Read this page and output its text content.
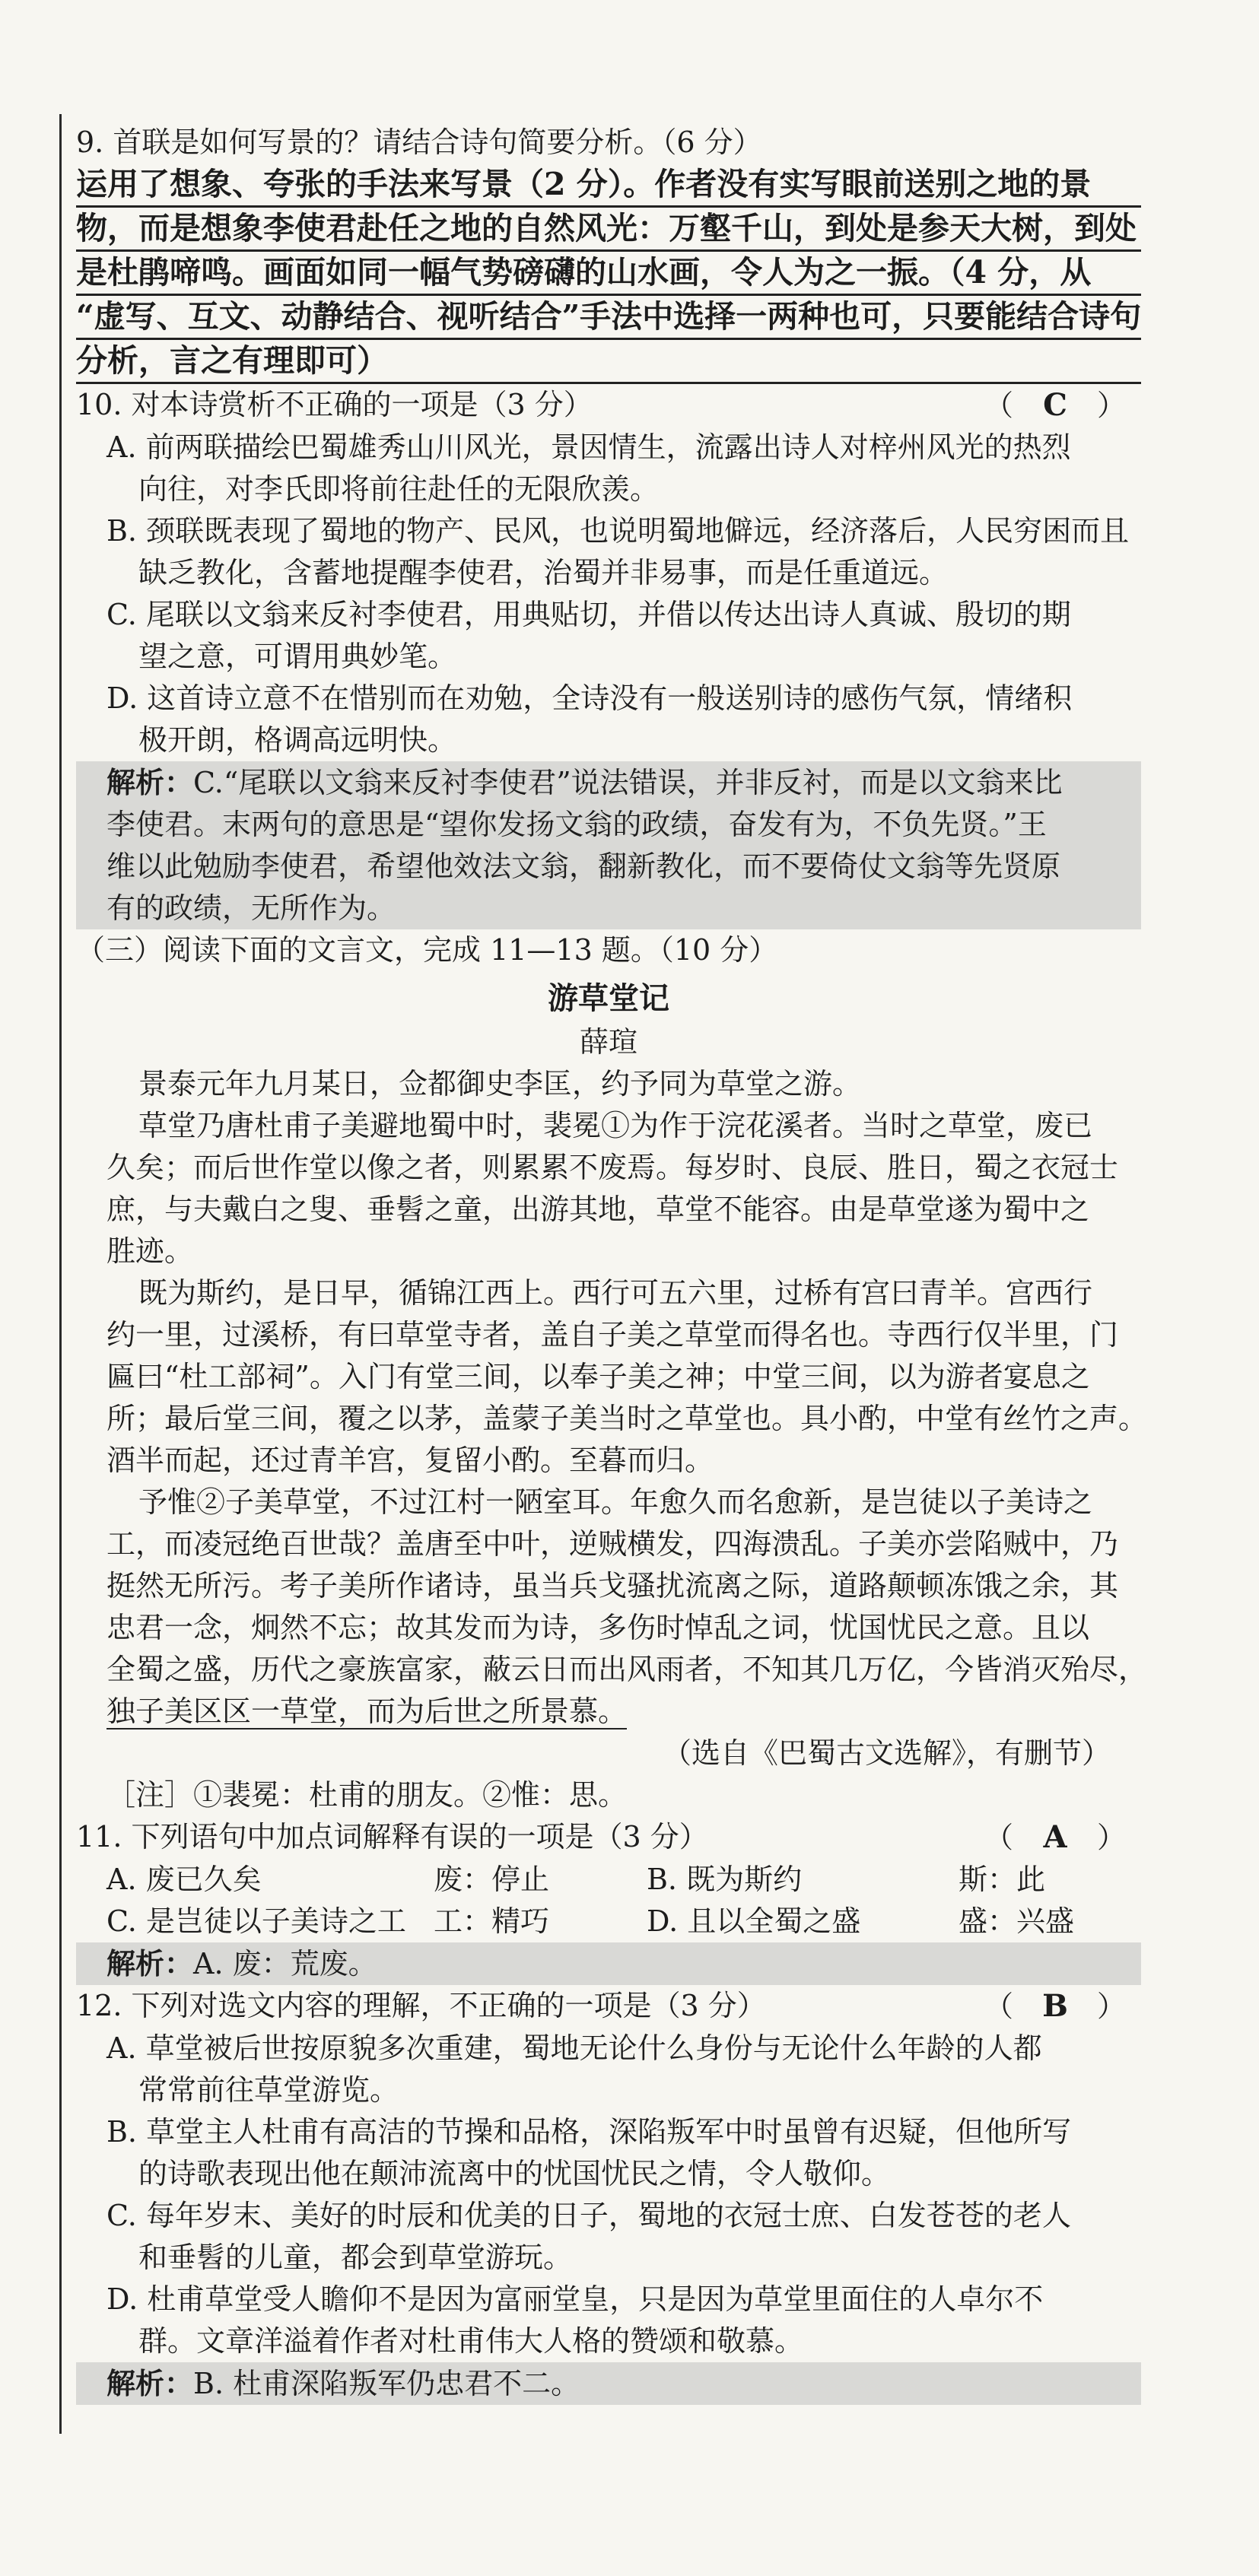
9. 首联是如何写景的？请结合诗句简要分析。（6 分）
运用了想象、夸张的手法来写景（2 分）。作者没有实写眼前送别之地的景
物，而是想象李使君赴任之地的自然风光：万壑千山，到处是参天大树，到处
是杜鹃啼鸣。画面如同一幅气势磅礴的山水画，令人为之一振。（4 分，从
“虚写、互文、动静结合、视听结合”手法中选择一两种也可，只要能结合诗句
分析，言之有理即可）
10. 对本诗赏析不正确的一项是（3 分）	（ C ）
A. 前两联描绘巴蜀雄秀山川风光，景因情生，流露出诗人对梓州风光的热烈
向往，对李氏即将前往赴任的无限欣羡。
B. 颈联既表现了蜀地的物产、民风，也说明蜀地僻远，经济落后，人民穷困而且
缺乏教化，含蓄地提醒李使君，治蜀并非易事，而是任重道远。
C. 尾联以文翁来反衬李使君，用典贴切，并借以传达出诗人真诚、殷切的期
望之意，可谓用典妙笔。
D. 这首诗立意不在惜别而在劝勉，全诗没有一般送别诗的感伤气氛，情绪积
极开朗，格调高远明快。
解析：C.“尾联以文翁来反衬李使君”说法错误，并非反衬，而是以文翁来比
李使君。末两句的意思是“望你发扬文翁的政绩，奋发有为，不负先贤。”王
维以此勉励李使君，希望他效法文翁，翻新教化，而不要倚仗文翁等先贤原
有的政绩，无所作为。
（三）阅读下面的文言文，完成 11—13 题。（10 分）
游草堂记
薛瑄
景泰元年九月某日，佥都御史李匡，约予同为草堂之游。
草堂乃唐杜甫子美避地蜀中时，裴冕①为作于浣花溪者。当时之草堂，废已
久矣；而后世作堂以像之者，则累累不废焉。每岁时、良辰、胜日，蜀之衣冠士
庶，与夫戴白之叟、垂髫之童，出游其地，草堂不能容。由是草堂遂为蜀中之
胜迹。
既为斯约，是日早，循锦江西上。西行可五六里，过桥有宫曰青羊。宫西行
约一里，过溪桥，有曰草堂寺者，盖自子美之草堂而得名也。寺西行仅半里，门
匾曰“杜工部祠”。入门有堂三间，以奉子美之神；中堂三间，以为游者宴息之
所；最后堂三间，覆之以茅，盖蒙子美当时之草堂也。具小酌，中堂有丝竹之声。
酒半而起，还过青羊宫，复留小酌。至暮而归。
予惟②子美草堂，不过江村一陋室耳。年愈久而名愈新，是岂徒以子美诗之
工，而凌冠绝百世哉？盖唐至中叶，逆贼横发，四海溃乱。子美亦尝陷贼中，乃
挺然无所污。考子美所作诸诗，虽当兵戈骚扰流离之际，道路颠顿冻饿之余，其
忠君一念，炯然不忘；故其发而为诗，多伤时悼乱之词，忧国忧民之意。且以
全蜀之盛，历代之豪族富家，蔽云日而出风雨者，不知其几万亿，今皆消灭殆尽，
独子美区区一草堂，而为后世之所景慕。
（选自《巴蜀古文选解》，有删节）
［注］①裴冕：杜甫的朋友。②惟：思。
11. 下列语句中加点词解释有误的一项是（3 分）	（ A ）
A. 废已久矣	废：停止	B. 既为斯约	斯：此
C. 是岂徒以子美诗之工 工：精巧	D. 且以全蜀之盛	盛：兴盛
解析：A. 废：荒废。
12. 下列对选文内容的理解，不正确的一项是（3 分）	（ B ）
A. 草堂被后世按原貌多次重建，蜀地无论什么身份与无论什么年龄的人都
常常前往草堂游览。
B. 草堂主人杜甫有高洁的节操和品格，深陷叛军中时虽曾有迟疑，但他所写
的诗歌表现出他在颠沛流离中的忧国忧民之情，令人敬仰。
C. 每年岁末、美好的时辰和优美的日子，蜀地的衣冠士庶、白发苍苍的老人
和垂髫的儿童，都会到草堂游玩。
D. 杜甫草堂受人瞻仰不是因为富丽堂皇，只是因为草堂里面住的人卓尔不
群。文章洋溢着作者对杜甫伟大人格的赞颂和敬慕。
解析：B. 杜甫深陷叛军仍忠君不二。
